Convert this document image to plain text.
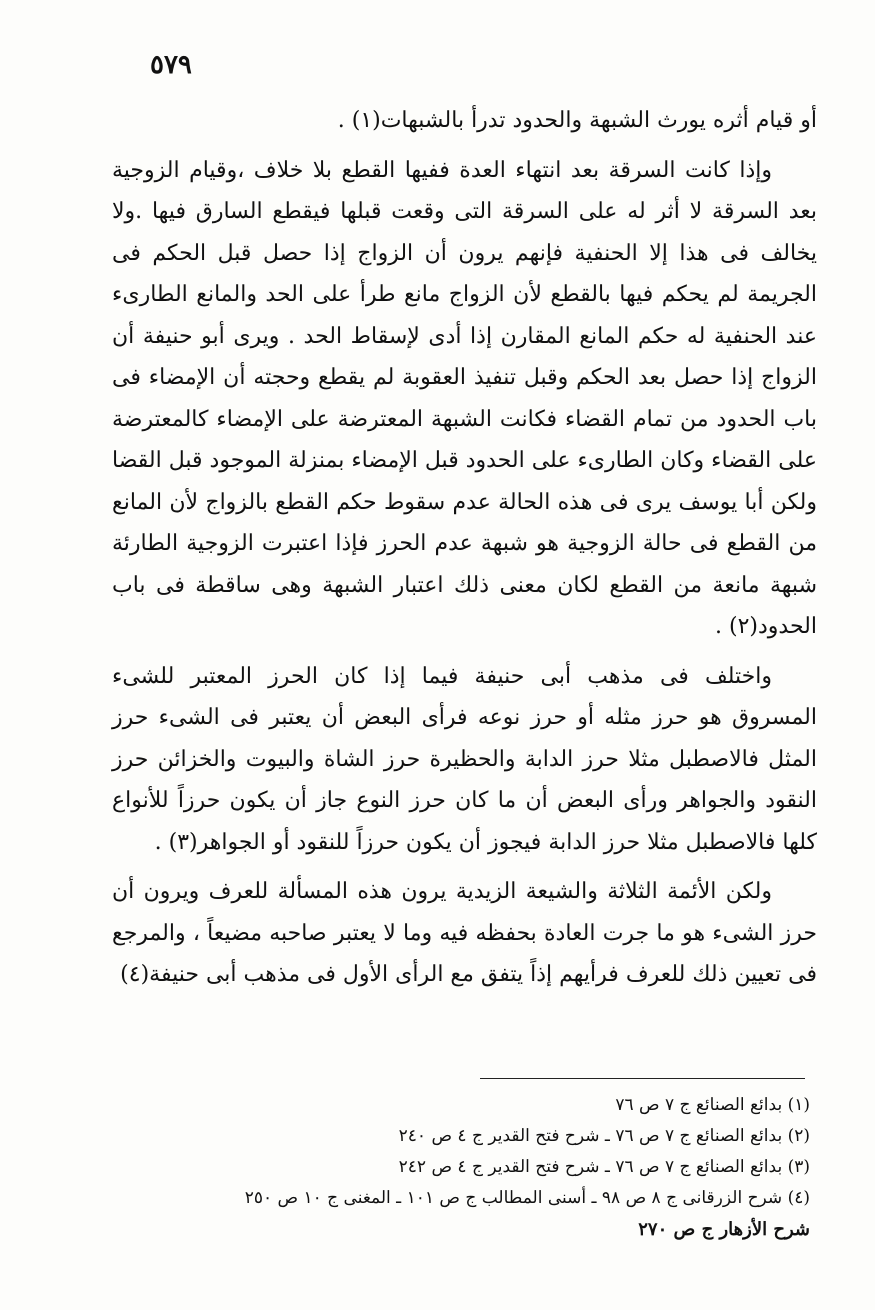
٥٧٩

أو قيام أثره يورث الشبهة والحدود تدرأ بالشبهات(١) .

وإذا كانت السرقة بعد انتهاء العدة ففيها القطع بلا خلاف ،وقيام الزوجية بعد السرقة لا أثر له على السرقة التى وقعت قبلها فيقطع السارق فيها .ولا يخالف فى هذا إلا الحنفية فإنهم يرون أن الزواج إذا حصل قبل الحكم فى الجريمة لم يحكم فيها بالقطع لأن الزواج مانع طرأ على الحد والمانع الطارىء عند الحنفية له حكم المانع المقارن إذا أدى لإسقاط الحد . ويرى أبو حنيفة أن الزواج إذا حصل بعد الحكم وقبل تنفيذ العقوبة لم يقطع وحجته أن الإمضاء فى باب الحدود من تمام القضاء فكانت الشبهة المعترضة على الإمضاء كالمعترضة على القضاء وكان الطارىء على الحدود قبل الإمضاء بمنزلة الموجود قبل القضا ولكن أبا يوسف يرى فى هذه الحالة عدم سقوط حكم القطع بالزواج لأن المانع من القطع فى حالة الزوجية هو شبهة عدم الحرز فإذا اعتبرت الزوجية الطارئة شبهة مانعة من القطع لكان معنى ذلك اعتبار الشبهة وهى ساقطة فى باب الحدود(٢) .

واختلف فى مذهب أبى حنيفة فيما إذا كان الحرز المعتبر للشىء المسروق هو حرز مثله أو حرز نوعه فرأى البعض أن يعتبر فى الشىء حرز المثل فالاصطبل مثلا حرز الدابة والحظيرة حرز الشاة والبيوت والخزائن حرز النقود والجواهر ورأى البعض أن ما كان حرز النوع جاز أن يكون حرزاً للأنواع كلها فالاصطبل مثلا حرز الدابة فيجوز أن يكون حرزاً للنقود أو الجواهر(٣) .

ولكن الأئمة الثلاثة والشيعة الزيدية يرون هذه المسألة للعرف ويرون أن حرز الشىء هو ما جرت العادة بحفظه فيه وما لا يعتبر صاحبه مضيعاً ، والمرجع فى تعيين ذلك للعرف فرأيهم إذاً يتفق مع الرأى الأول فى مذهب أبى حنيفة(٤)

(١) بدائع الصنائع ج ٧ ص ٧٦
(٢) بدائع الصنائع ج ٧ ص ٧٦ ـ شرح فتح القدير ج ٤ ص ٢٤٠
(٣) بدائع الصنائع ج ٧ ص ٧٦ ـ شرح فتح القدير ج ٤ ص ٢٤٢
(٤) شرح الزرقانى ج ٨ ص ٩٨ ـ أسنى المطالب ج ص ١٠١ ـ المغنى ج ١٠ ص ٢٥٠
شرح الأزهار ج ص ٢٧٠
